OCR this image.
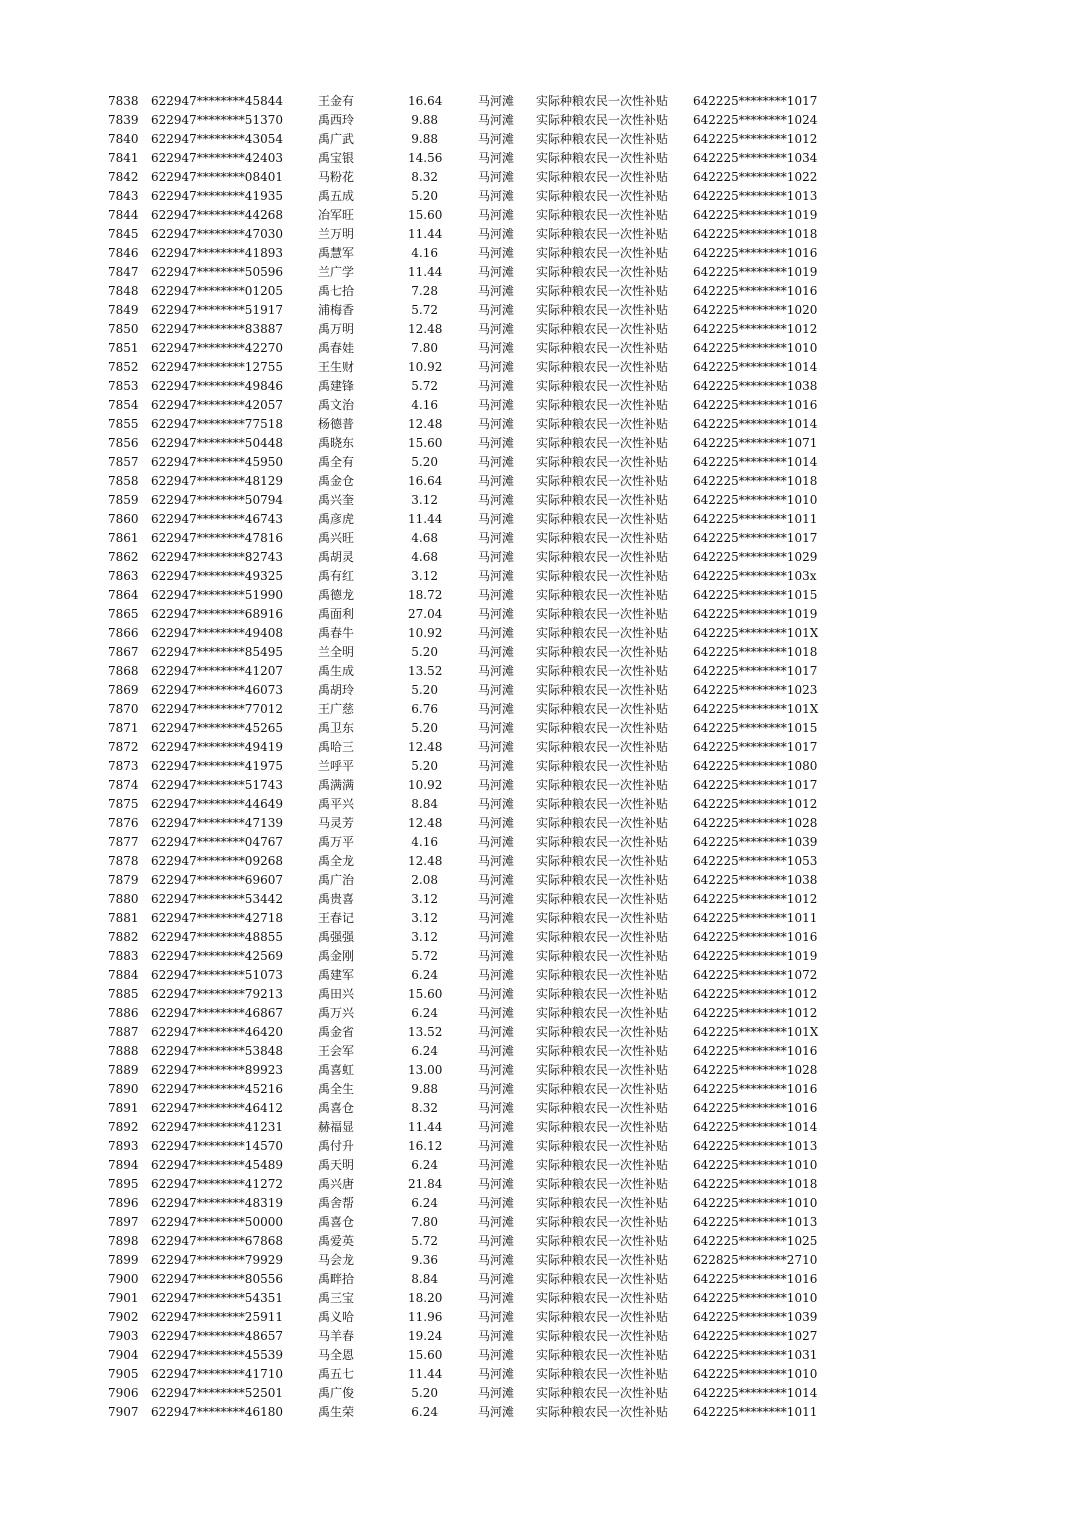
7838 622947********45844	王金有	16.64	马河滩 实际种粮农民一次性补贴 642225********1017
7839 622947********51370	禹西玲	9.88	马河滩 实际种粮农民一次性补贴 642225********1024
7840 622947********43054	禹广武	9.88	马河滩 实际种粮农民一次性补贴 642225********1012
7841 622947********42403	禹宝银	14.56	马河滩 实际种粮农民一次性补贴 642225********1034
7842 622947********08401	马粉花	8.32	马河滩 实际种粮农民一次性补贴 642225********1022
7843 622947********41935	禹五成	5.20	马河滩 实际种粮农民一次性补贴 642225********1013
7844 622947********44268	冶军旺	15.60	马河滩 实际种粮农民一次性补贴 642225********1019
7845 622947********47030	兰万明	11.44	马河滩 实际种粮农民一次性补贴 642225********1018
7846 622947********41893	禹慧军	4.16	马河滩 实际种粮农民一次性补贴 642225********1016
7847 622947********50596	兰广学	11.44	马河滩 实际种粮农民一次性补贴 642225********1019
7848 622947********01205	禹七拾	7.28	马河滩 实际种粮农民一次性补贴 642225********1016
7849 622947********51917	浦梅香	5.72	马河滩 实际种粮农民一次性补贴 642225********1020
7850 622947********83887	禹万明	12.48	马河滩 实际种粮农民一次性补贴 642225********1012
7851 622947********42270	禹春娃	7.80	马河滩 实际种粮农民一次性补贴 642225********1010
7852 622947********12755	王生财	10.92	马河滩 实际种粮农民一次性补贴 642225********1014
7853 622947********49846	禹建锋	5.72	马河滩 实际种粮农民一次性补贴 642225********1038
7854 622947********42057	禹文治	4.16	马河滩 实际种粮农民一次性补贴 642225********1016
7855 622947********77518	杨德普	12.48	马河滩 实际种粮农民一次性补贴 642225********1014
7856 622947********50448	禹晓东	15.60	马河滩 实际种粮农民一次性补贴 642225********1071
7857 622947********45950	禹全有	5.20	马河滩 实际种粮农民一次性补贴 642225********1014
7858 622947********48129	禹金仓	16.64	马河滩 实际种粮农民一次性补贴 642225********1018
7859 622947********50794	禹兴奎	3.12	马河滩 实际种粮农民一次性补贴 642225********1010
7860 622947********46743	禹彦虎	11.44	马河滩 实际种粮农民一次性补贴 642225********1011
7861 622947********47816	禹兴旺	4.68	马河滩 实际种粮农民一次性补贴 642225********1017
7862 622947********82743	禹胡灵	4.68	马河滩 实际种粮农民一次性补贴 642225********1029
7863 622947********49325	禹有红	3.12	马河滩 实际种粮农民一次性补贴 642225********103x
7864 622947********51990	禹德龙	18.72	马河滩 实际种粮农民一次性补贴 642225********1015
7865 622947********68916	禹面利	27.04	马河滩 实际种粮农民一次性补贴 642225********1019
7866 622947********49408	禹春牛	10.92	马河滩 实际种粮农民一次性补贴 642225********101X
7867 622947********85495	兰全明	5.20	马河滩 实际种粮农民一次性补贴 642225********1018
7868 622947********41207	禹生成	13.52	马河滩 实际种粮农民一次性补贴 642225********1017
7869 622947********46073	禹胡玲	5.20	马河滩 实际种粮农民一次性补贴 642225********1023
7870 622947********77012	王广慈	6.76	马河滩 实际种粮农民一次性补贴 642225********101X
7871 622947********45265	禹卫东	5.20	马河滩 实际种粮农民一次性补贴 642225********1015
7872 622947********49419	禹哈三	12.48	马河滩 实际种粮农民一次性补贴 642225********1017
7873 622947********41975	兰呼平	5.20	马河滩 实际种粮农民一次性补贴 642225********1080
7874 622947********51743	禹满满	10.92	马河滩 实际种粮农民一次性补贴 642225********1017
7875 622947********44649	禹平兴	8.84	马河滩 实际种粮农民一次性补贴 642225********1012
7876 622947********47139	马灵芳	12.48	马河滩 实际种粮农民一次性补贴 642225********1028
7877 622947********04767	禹万平	4.16	马河滩 实际种粮农民一次性补贴 642225********1039
7878 622947********09268	禹全龙	12.48	马河滩 实际种粮农民一次性补贴 642225********1053
7879 622947********69607	禹广治	2.08	马河滩 实际种粮农民一次性补贴 642225********1038
7880 622947********53442	禹贵喜	3.12	马河滩 实际种粮农民一次性补贴 642225********1012
7881 622947********42718	王春记	3.12	马河滩 实际种粮农民一次性补贴 642225********1011
7882 622947********48855	禹强强	3.12	马河滩 实际种粮农民一次性补贴 642225********1016
7883 622947********42569	禹金刚	5.72	马河滩 实际种粮农民一次性补贴 642225********1019
7884 622947********51073	禹建军	6.24	马河滩 实际种粮农民一次性补贴 642225********1072
7885 622947********79213	禹田兴	15.60	马河滩 实际种粮农民一次性补贴 642225********1012
7886 622947********46867	禹万兴	6.24	马河滩 实际种粮农民一次性补贴 642225********1012
7887 622947********46420	禹金省	13.52	马河滩 实际种粮农民一次性补贴 642225********101X
7888 622947********53848	王会军	6.24	马河滩 实际种粮农民一次性补贴 642225********1016
7889 622947********89923	禹喜虹	13.00	马河滩 实际种粮农民一次性补贴 642225********1028
7890 622947********45216	禹全生	9.88	马河滩 实际种粮农民一次性补贴 642225********1016
7891 622947********46412	禹喜仓	8.32	马河滩 实际种粮农民一次性补贴 642225********1016
7892 622947********41231	赫福显	11.44	马河滩 实际种粮农民一次性补贴 642225********1014
7893 622947********14570	禹付升	16.12	马河滩 实际种粮农民一次性补贴 642225********1013
7894 622947********45489	禹天明	6.24	马河滩 实际种粮农民一次性补贴 642225********1010
7895 622947********41272	禹兴唐	21.84	马河滩 实际种粮农民一次性补贴 642225********1018
7896 622947********48319	禹舍帮	6.24	马河滩 实际种粮农民一次性补贴 642225********1010
7897 622947********50000	禹喜仓	7.80	马河滩 实际种粮农民一次性补贴 642225********1013
7898 622947********67868	禹爱英	5.72	马河滩 实际种粮农民一次性补贴 642225********1025
7899 622947********79929	马会龙	9.36	马河滩 实际种粮农民一次性补贴 622825********2710
7900 622947********80556	禹畔拾	8.84	马河滩 实际种粮农民一次性补贴 642225********1016
7901 622947********54351	禹三宝	18.20	马河滩 实际种粮农民一次性补贴 642225********1010
7902 622947********25911	禹义哈	11.96	马河滩 实际种粮农民一次性补贴 642225********1039
7903 622947********48657	马羊春	19.24	马河滩 实际种粮农民一次性补贴 642225********1027
7904 622947********45539	马全恩	15.60	马河滩 实际种粮农民一次性补贴 642225********1031
7905 622947********41710	禹五七	11.44	马河滩 实际种粮农民一次性补贴 642225********1010
7906 622947********52501	禹广俊	5.20	马河滩 实际种粮农民一次性补贴 642225********1014
7907 622947********46180	禹生荣	6.24	马河滩 实际种粮农民一次性补贴 642225********1011
